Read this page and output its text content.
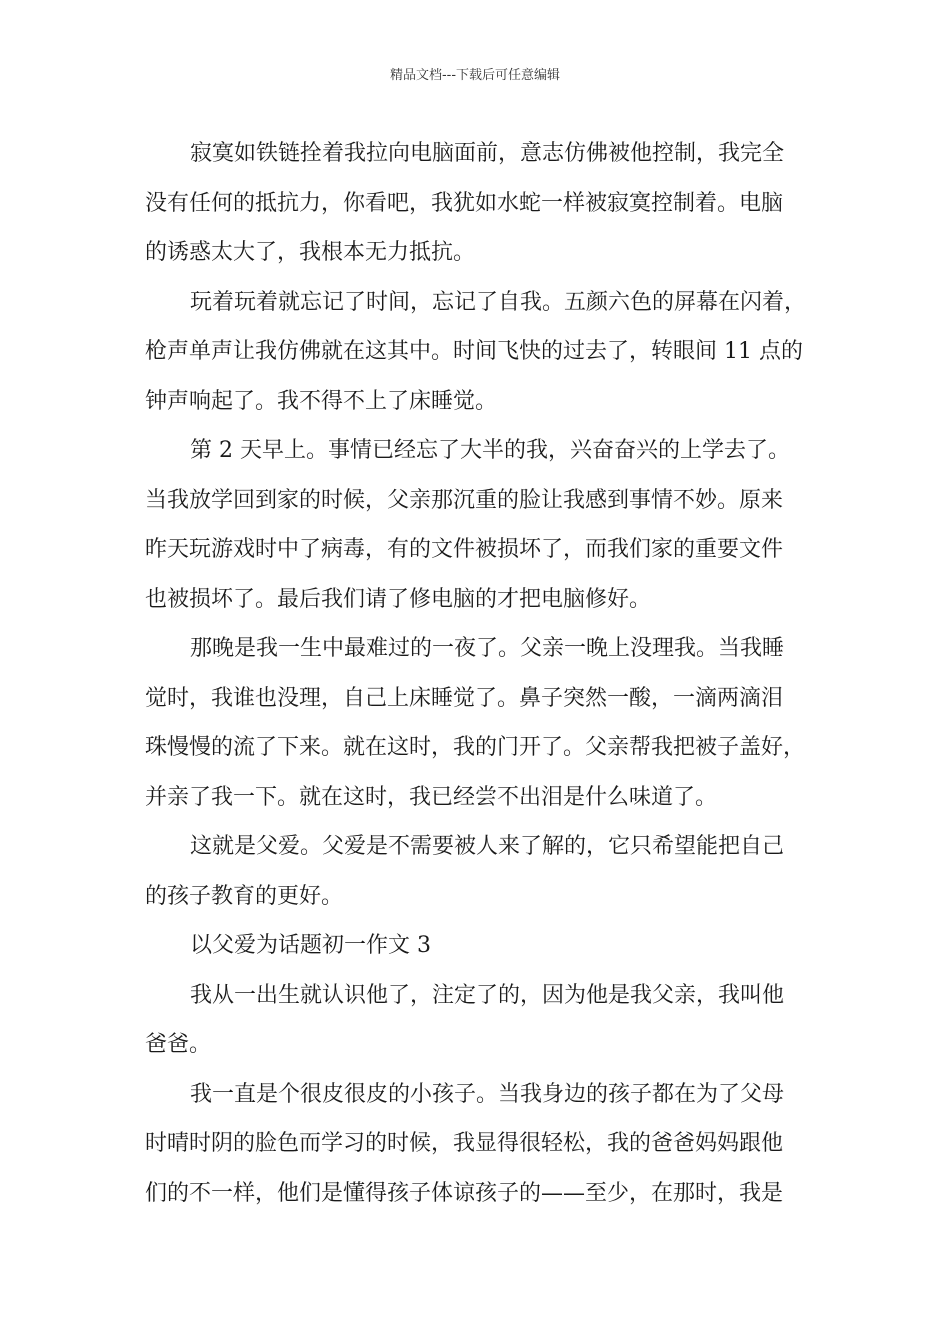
精品文档---下载后可任意编辑
寂寞如铁链拴着我拉向电脑面前，意志仿佛被他控制，我完全
没有任何的抵抗力，你看吧，我犹如水蛇一样被寂寞控制着。电脑
的诱惑太大了，我根本无力抵抗。
玩着玩着就忘记了时间，忘记了自我。五颜六色的屏幕在闪着，
枪声单声让我仿佛就在这其中。时间飞快的过去了，转眼间 11 点的
钟声响起了。我不得不上了床睡觉。
第 2 天早上。事情已经忘了大半的我，兴奋奋兴的上学去了。
当我放学回到家的时候，父亲那沉重的脸让我感到事情不妙。原来
昨天玩游戏时中了病毒，有的文件被损坏了，而我们家的重要文件
也被损坏了。最后我们请了修电脑的才把电脑修好。
那晚是我一生中最难过的一夜了。父亲一晚上没理我。当我睡
觉时，我谁也没理，自己上床睡觉了。鼻子突然一酸，一滴两滴泪
珠慢慢的流了下来。就在这时，我的门开了。父亲帮我把被子盖好，
并亲了我一下。就在这时，我已经尝不出泪是什么味道了。
这就是父爱。父爱是不需要被人来了解的，它只希望能把自己
的孩子教育的更好。
以父爱为话题初一作文 3
我从一出生就认识他了，注定了的，因为他是我父亲，我叫他
爸爸。
我一直是个很皮很皮的小孩子。当我身边的孩子都在为了父母
时晴时阴的脸色而学习的时候，我显得很轻松，我的爸爸妈妈跟他
们的不一样，他们是懂得孩子体谅孩子的——至少，在那时，我是
